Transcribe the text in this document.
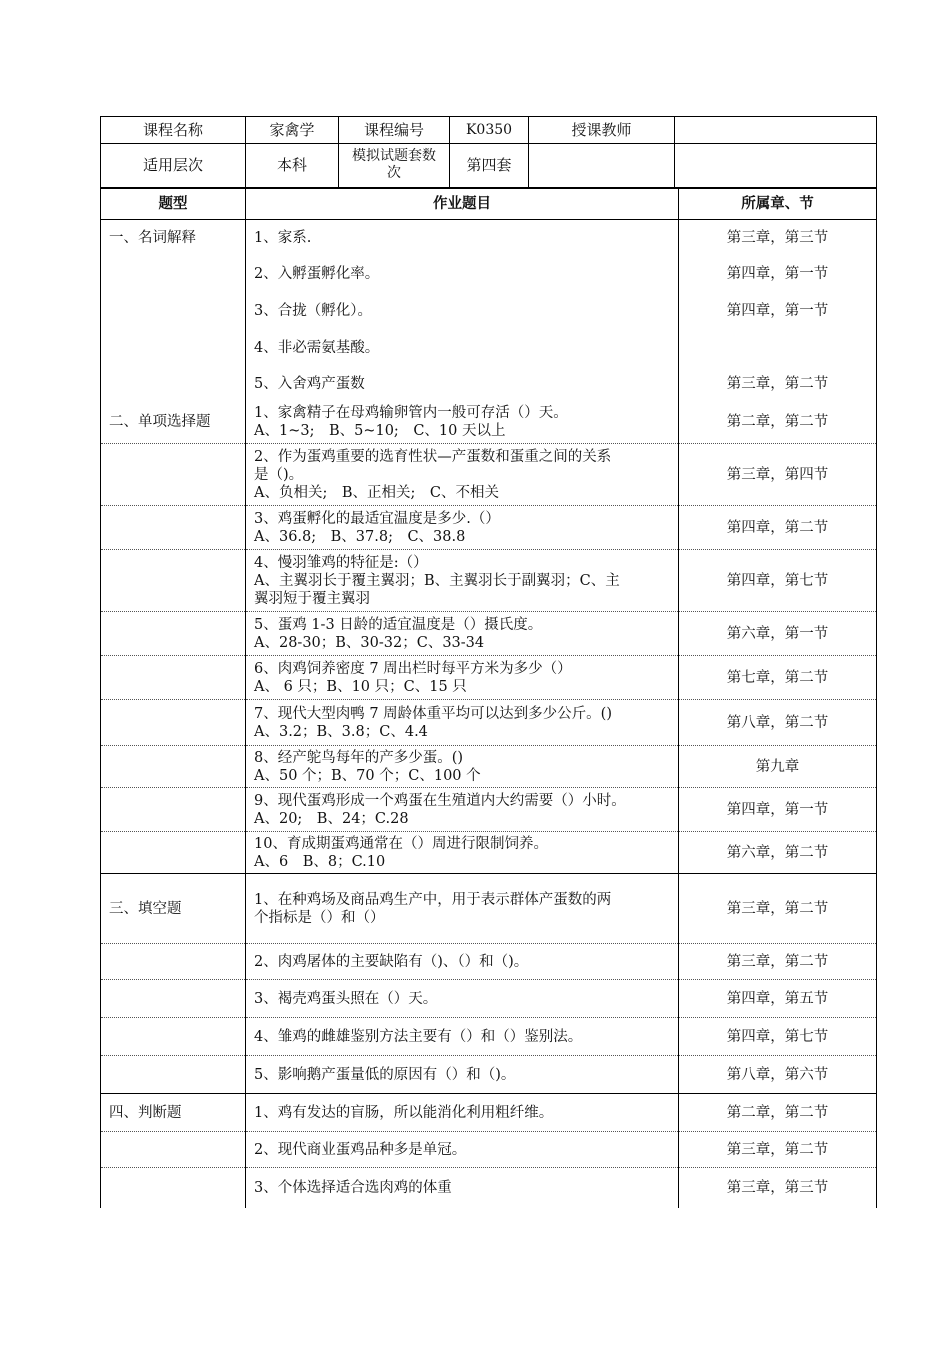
课程名称	家禽学	课程编号	K0350	授课教师	
适用层次	本科	模拟试题套数次	第四套		
题型	作业题目	所属章、节
一、名词解释	1、家系.	第三章，第三节

	2、入孵蛋孵化率。	第四章，第一节

	3、合拢（孵化）。	第四章，第一节

	4、非必需氨基酸。	

	5、入舍鸡产蛋数	第三章，第二节
二、单项选择题	1、家禽精子在母鸡输卵管内一般可存活（）天。
A、1~3;　B、5~10;　C、10 天以上	第二章，第二节

	2、作为蛋鸡重要的选育性状—产蛋数和蛋重之间的关系
是（)。
A、负相关;　B、正相关;　C、不相关	第三章，第四节

	3、鸡蛋孵化的最适宜温度是多少.（）
A、36.8;　B、37.8;　C、38.8	第四章，第二节

	4、慢羽雏鸡的特征是:（）
A、主翼羽长于覆主翼羽；B、主翼羽长于副翼羽；C、主
翼羽短于覆主翼羽	第四章，第七节

	5、蛋鸡 1-3 日龄的适宜温度是（）摄氏度。
A、28-30；B、30-32；C、33-34	第六章，第一节

	6、肉鸡饲养密度 7 周出栏时每平方米为多少（）
A、 6 只；B、10 只；C、15 只	第七章，第二节

	7、现代大型肉鸭 7 周龄体重平均可以达到多少公斤。()
A、3.2；B、3.8；C、4.4	第八章，第二节

	8、经产鸵鸟每年的产多少蛋。()
A、50 个；B、70 个；C、100 个	第九章

	9、现代蛋鸡形成一个鸡蛋在生殖道内大约需要（）小时。
A、20;　B、24；C.28	第四章，第一节

	10、育成期蛋鸡通常在（）周进行限制饲养。
A、6　B、8；C.10	第六章，第二节
三、填空题	1、在种鸡场及商品鸡生产中，用于表示群体产蛋数的两
个指标是（）和（）	第三章，第二节

	2、肉鸡屠体的主要缺陷有（)、（）和（)。	第三章，第二节

	3、褐壳鸡蛋头照在（）天。	第四章，第五节

	4、雏鸡的雌雄鉴别方法主要有（）和（）鉴别法。	第四章，第七节

	5、影响鹅产蛋量低的原因有（）和（)。	第八章，第六节
四、判断题	1、鸡有发达的盲肠，所以能消化利用粗纤维。	第二章，第二节

	2、现代商业蛋鸡品种多是单冠。	第三章，第二节

	3、个体选择适合选肉鸡的体重	第三章，第三节
